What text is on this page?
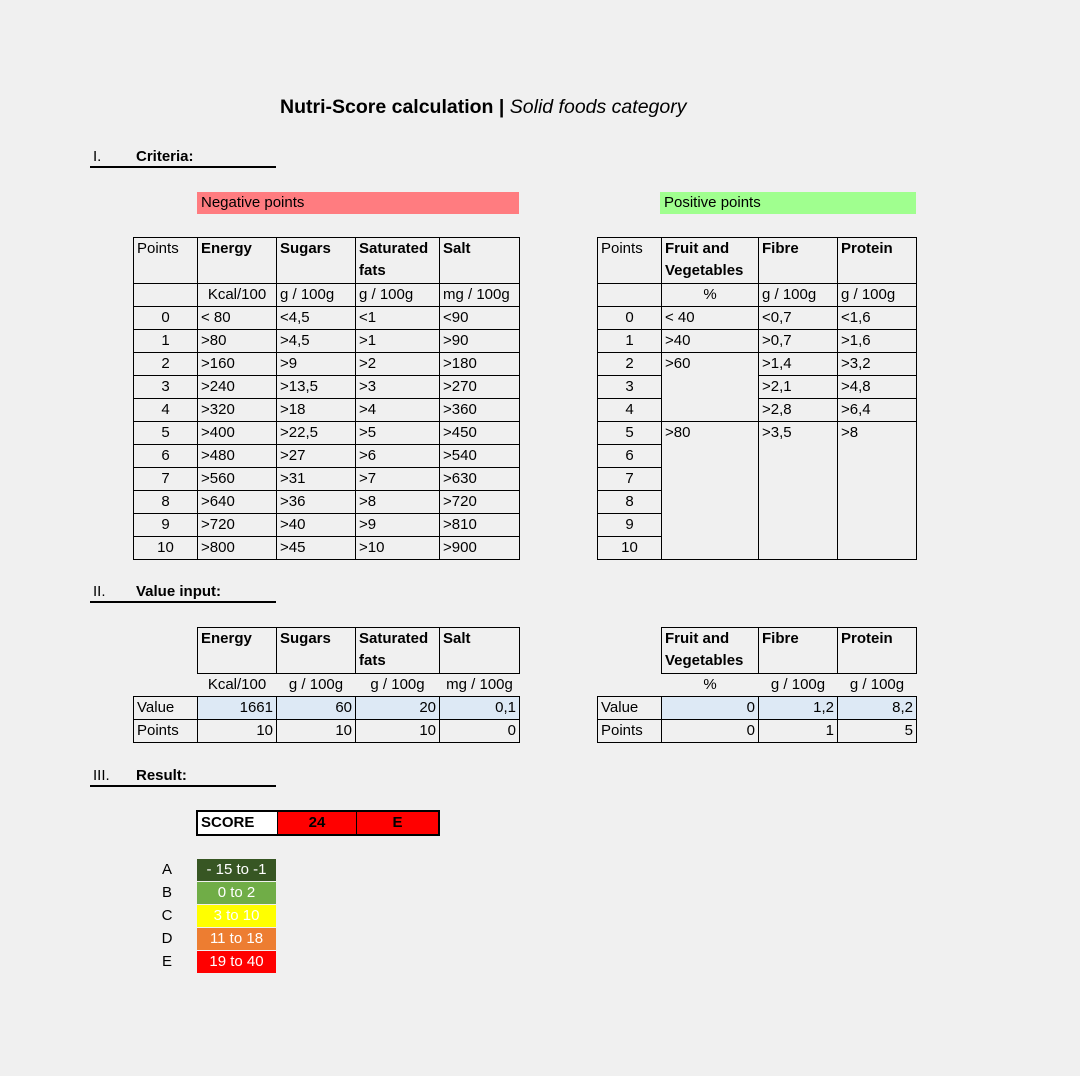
Nutri-Score calculation | Solid foods category
I. Criteria:
Negative points	Positive points
Points	Energy	Sugars	Saturated fats	Salt
	Kcal/100	g / 100g	g / 100g	mg / 100g
0	< 80	<4,5	<1	<90
1	>80	>4,5	>1	>90
2	>160	>9	>2	>180
3	>240	>13,5	>3	>270
4	>320	>18	>4	>360
5	>400	>22,5	>5	>450
6	>480	>27	>6	>540
7	>560	>31	>7	>630
8	>640	>36	>8	>720
9	>720	>40	>9	>810
10	>800	>45	>10	>900
Points	Fruit and Vegetables	Fibre	Protein
	%	g / 100g	g / 100g
0	< 40	<0,7	<1,6
1	>40	>0,7	>1,6
2	>60	>1,4	>3,2
3		>2,1	>4,8
4		>2,8	>6,4
5	>80	>3,5	>8
6			
7			
8			
9			
10			
II. Value input:
	Energy	Sugars	Saturated fats	Salt
	Kcal/100	g / 100g	g / 100g	mg / 100g
Value	1661	60	20	0,1
Points	10	10	10	0
	Fruit and Vegetables	Fibre	Protein
	%	g / 100g	g / 100g
Value	0	1,2	8,2
Points	0	1	5
III. Result:
SCORE	24	E
A	- 15 to -1
B	0 to 2
C	3 to 10
D	11 to 18
E	19 to 40
